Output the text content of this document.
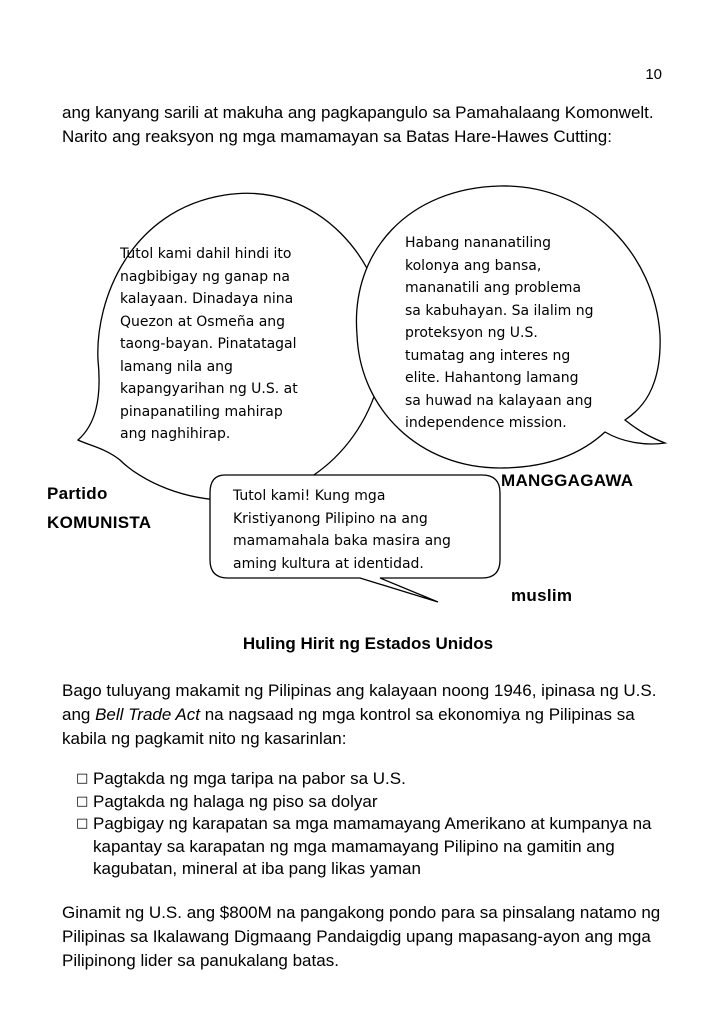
10

ang kanyang sarili at makuha ang pagkapangulo sa Pamahalaang Komonwelt. Narito ang reaksyon ng mga mamamayan sa Batas Hare-Hawes Cutting:

Tutol kami dahil hindi ito
nagbibigay ng ganap na
kalayaan. Dinadaya nina
Quezon at Osmeña ang
taong-bayan. Pinatatagal
lamang nila ang
kapangyarihan ng U.S. at
pinapanatiling mahirap
ang naghihirap.
Habang nananatiling
kolonya ang bansa,
mananatili ang problema
sa kabuhayan. Sa ilalim ng
proteksyon ng U.S.
tumatag ang interes ng
elite. Hahantong lamang
sa huwad na kalayaan ang
independence mission.
Tutol kami! Kung mga
Kristiyanong Pilipino na ang
mamamahala baka masira ang
aming kultura at identidad.
Partido
KOMUNISTA
MANGGAGAWA
muslim
Huling Hirit ng Estados Unidos

Bago tuluyang makamit ng Pilipinas ang kalayaan noong 1946, ipinasa ng U.S. ang Bell Trade Act na nagsaad ng mga kontrol sa ekonomiya ng Pilipinas sa kabila ng pagkamit nito ng kasarinlan:

□ Pagtakda ng mga taripa na pabor sa U.S.
□ Pagtakda ng halaga ng piso sa dolyar
□ Pagbigay ng karapatan sa mga mamamayang Amerikano at kumpanya na kapantay sa karapatan ng mga mamamayang Pilipino na gamitin ang kagubatan, mineral at iba pang likas yaman

Ginamit ng U.S. ang $800M na pangakong pondo para sa pinsalang natamo ng Pilipinas sa Ikalawang Digmaang Pandaigdig upang mapasang-ayon ang mga Pilipinong lider sa panukalang batas.
